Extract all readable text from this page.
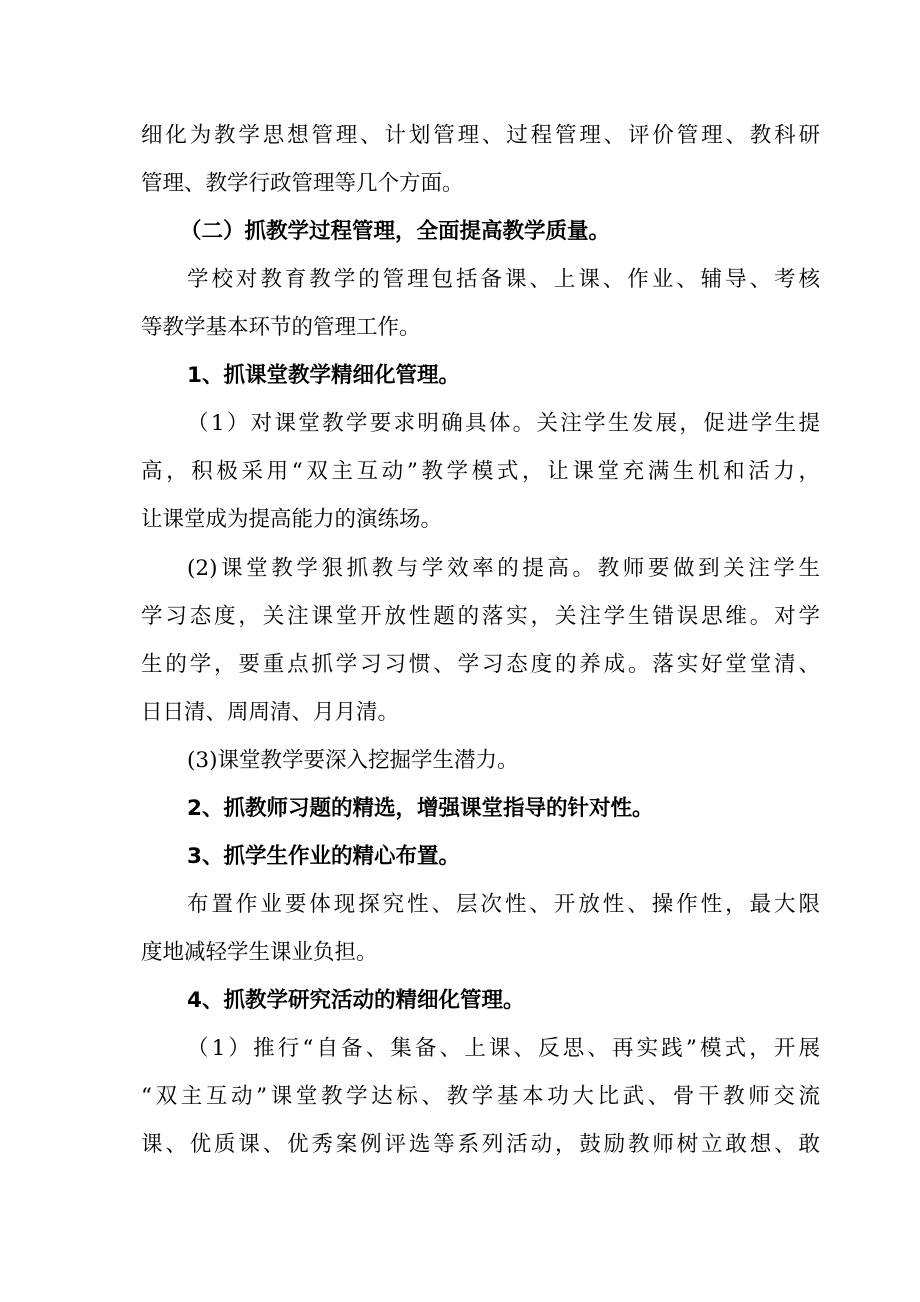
细化为教学思想管理、计划管理、过程管理、评价管理、教科研
管理、教学行政管理等几个方面。
（二）抓教学过程管理，全面提高教学质量。
学校对教育教学的管理包括备课、上课、作业、辅导、考核
等教学基本环节的管理工作。
1、抓课堂教学精细化管理。
（1）对课堂教学要求明确具体。关注学生发展，促进学生提
高，积极采用“双主互动”教学模式，让课堂充满生机和活力，
让课堂成为提高能力的演练场。
(2)课堂教学狠抓教与学效率的提高。教师要做到关注学生
学习态度，关注课堂开放性题的落实，关注学生错误思维。对学
生的学，要重点抓学习习惯、学习态度的养成。落实好堂堂清、
日日清、周周清、月月清。
(3)课堂教学要深入挖掘学生潜力。
2、抓教师习题的精选，增强课堂指导的针对性。
3、抓学生作业的精心布置。
布置作业要体现探究性、层次性、开放性、操作性，最大限
度地减轻学生课业负担。
4、抓教学研究活动的精细化管理。
（1）推行“自备、集备、上课、反思、再实践”模式，开展
“双主互动”课堂教学达标、教学基本功大比武、骨干教师交流
课、优质课、优秀案例评选等系列活动，鼓励教师树立敢想、敢
